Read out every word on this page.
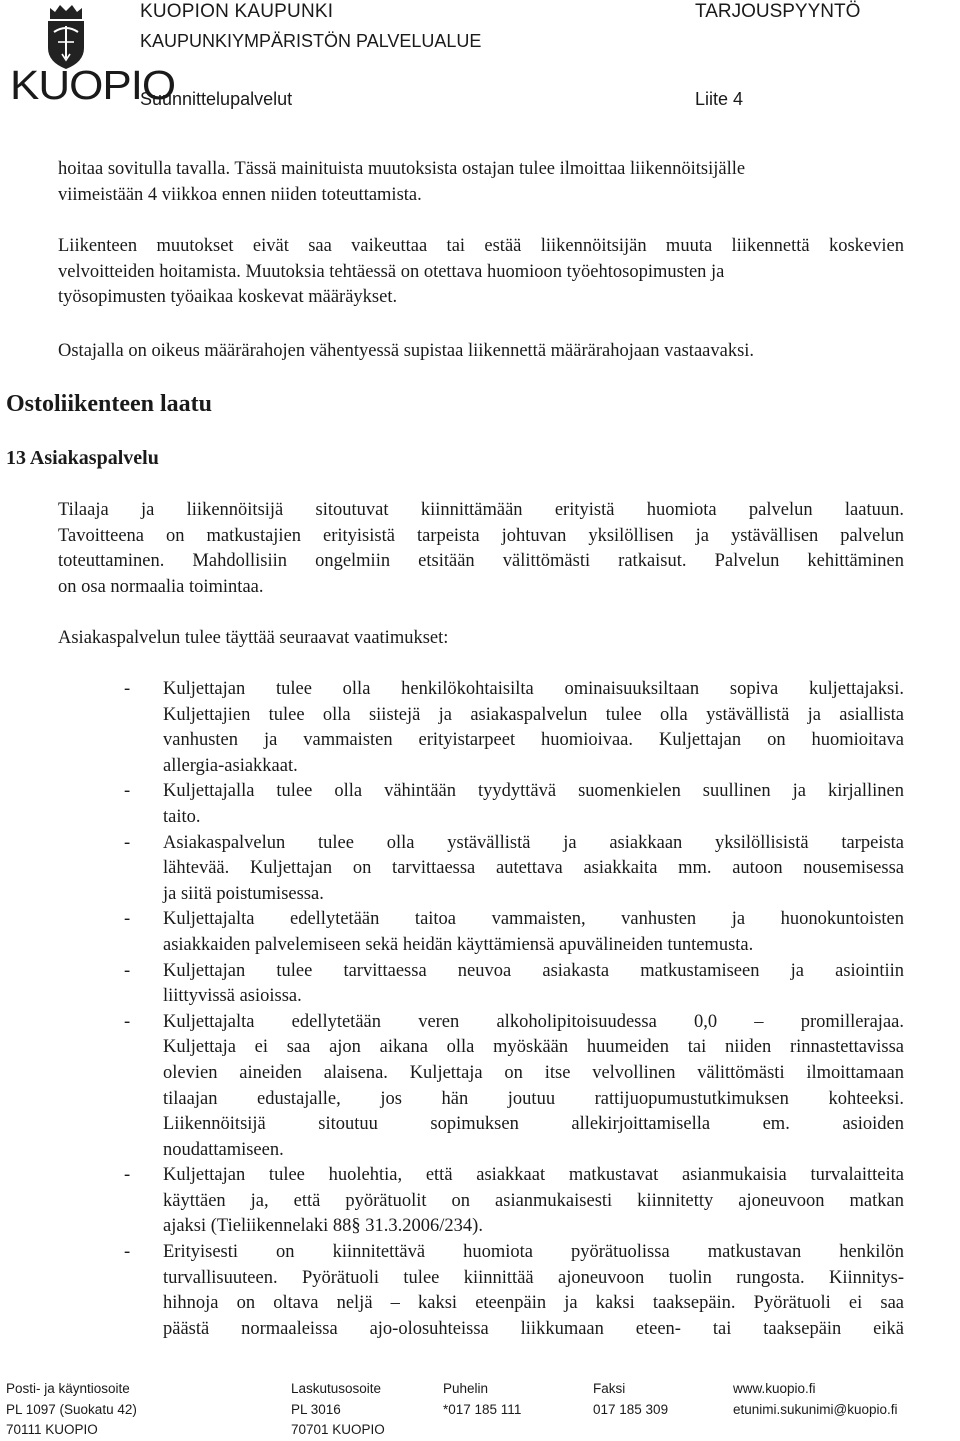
KUOPIO
KUOPION KAUPUNKI
KAUPUNKIYMPÄRISTÖN PALVELUALUE
Suunnittelupalvelut
TARJOUSPYYNTÖ
Liite 4

hoitaa sovitulla tavalla. Tässä mainituista muutoksista ostajan tulee ilmoittaa liikennöitsijälle
viimeistään 4 viikkoa ennen niiden toteuttamista.

Liikenteen muutokset eivät saa vaikeuttaa tai estää liikennöitsijän muuta liikennettä koskevien
velvoitteiden hoitamista. Muutoksia tehtäessä on otettava huomioon työehtosopimusten ja
työsopimusten työaikaa koskevat määräykset.

Ostajalla on oikeus määrärahojen vähentyessä supistaa liikennettä määrärahojaan vastaavaksi.

Ostoliikenteen laatu
13 Asiakaspalvelu

Tilaaja ja liikennöitsijä sitoutuvat kiinnittämään erityistä huomiota palvelun laatuun.
Tavoitteena on matkustajien erityisistä tarpeista johtuvan yksilöllisen ja ystävällisen palvelun
toteuttaminen. Mahdollisiin ongelmiin etsitään välittömästi ratkaisut. Palvelun kehittäminen
on osa normaalia toimintaa.

Asiakaspalvelun tulee täyttää seuraavat vaatimukset:

- Kuljettajan tulee olla henkilökohtaisilta ominaisuuksiltaan sopiva kuljettajaksi.
Kuljettajien tulee olla siistejä ja asiakaspalvelun tulee olla ystävällistä ja asiallista
vanhusten ja vammaisten erityistarpeet huomioivaa. Kuljettajan on huomioitava
allergia-asiakkaat.
- Kuljettajalla tulee olla vähintään tyydyttävä suomenkielen suullinen ja kirjallinen
taito.
- Asiakaspalvelun tulee olla ystävällistä ja asiakkaan yksilöllisistä tarpeista
lähtevää. Kuljettajan on tarvittaessa autettava asiakkaita mm. autoon nousemisessa
ja siitä poistumisessa.
- Kuljettajalta edellytetään taitoa vammaisten, vanhusten ja huonokuntoisten
asiakkaiden palvelemiseen sekä heidän käyttämiensä apuvälineiden tuntemusta.
- Kuljettajan tulee tarvittaessa neuvoa asiakasta matkustamiseen ja asiointiin
liittyvissä asioissa.
- Kuljettajalta edellytetään veren alkoholipitoisuudessa 0,0 – promillerajaa.
Kuljettaja ei saa ajon aikana olla myöskään huumeiden tai niiden rinnastettavissa
olevien aineiden alaisena. Kuljettaja on itse velvollinen välittömästi ilmoittamaan
tilaajan edustajalle, jos hän joutuu rattijuopumustutkimuksen kohteeksi.
Liikennöitsijä sitoutuu sopimuksen allekirjoittamisella em. asioiden
noudattamiseen.
- Kuljettajan tulee huolehtia, että asiakkaat matkustavat asianmukaisia turvalaitteita
käyttäen ja, että pyörätuolit on asianmukaisesti kiinnitetty ajoneuvoon matkan
ajaksi (Tieliikennelaki 88§ 31.3.2006/234).
- Erityisesti on kiinnitettävä huomiota pyörätuolissa matkustavan henkilön
turvallisuuteen. Pyörätuoli tulee kiinnittää ajoneuvoon tuolin rungosta. Kiinnitys-
hihnoja on oltava neljä – kaksi eteenpäin ja kaksi taaksepäin. Pyörätuoli ei saa
päästä normaaleissa ajo-olosuhteissa liikkumaan eteen- tai taaksepäin eikä
Posti- ja käyntiosoite
PL 1097 (Suokatu 42)
70111 KUOPIO
Laskutusosoite
PL 3016
70701 KUOPIO
Puhelin
*017 185 111
Faksi
017 185 309
www.kuopio.fi
etunimi.sukunimi@kuopio.fi
